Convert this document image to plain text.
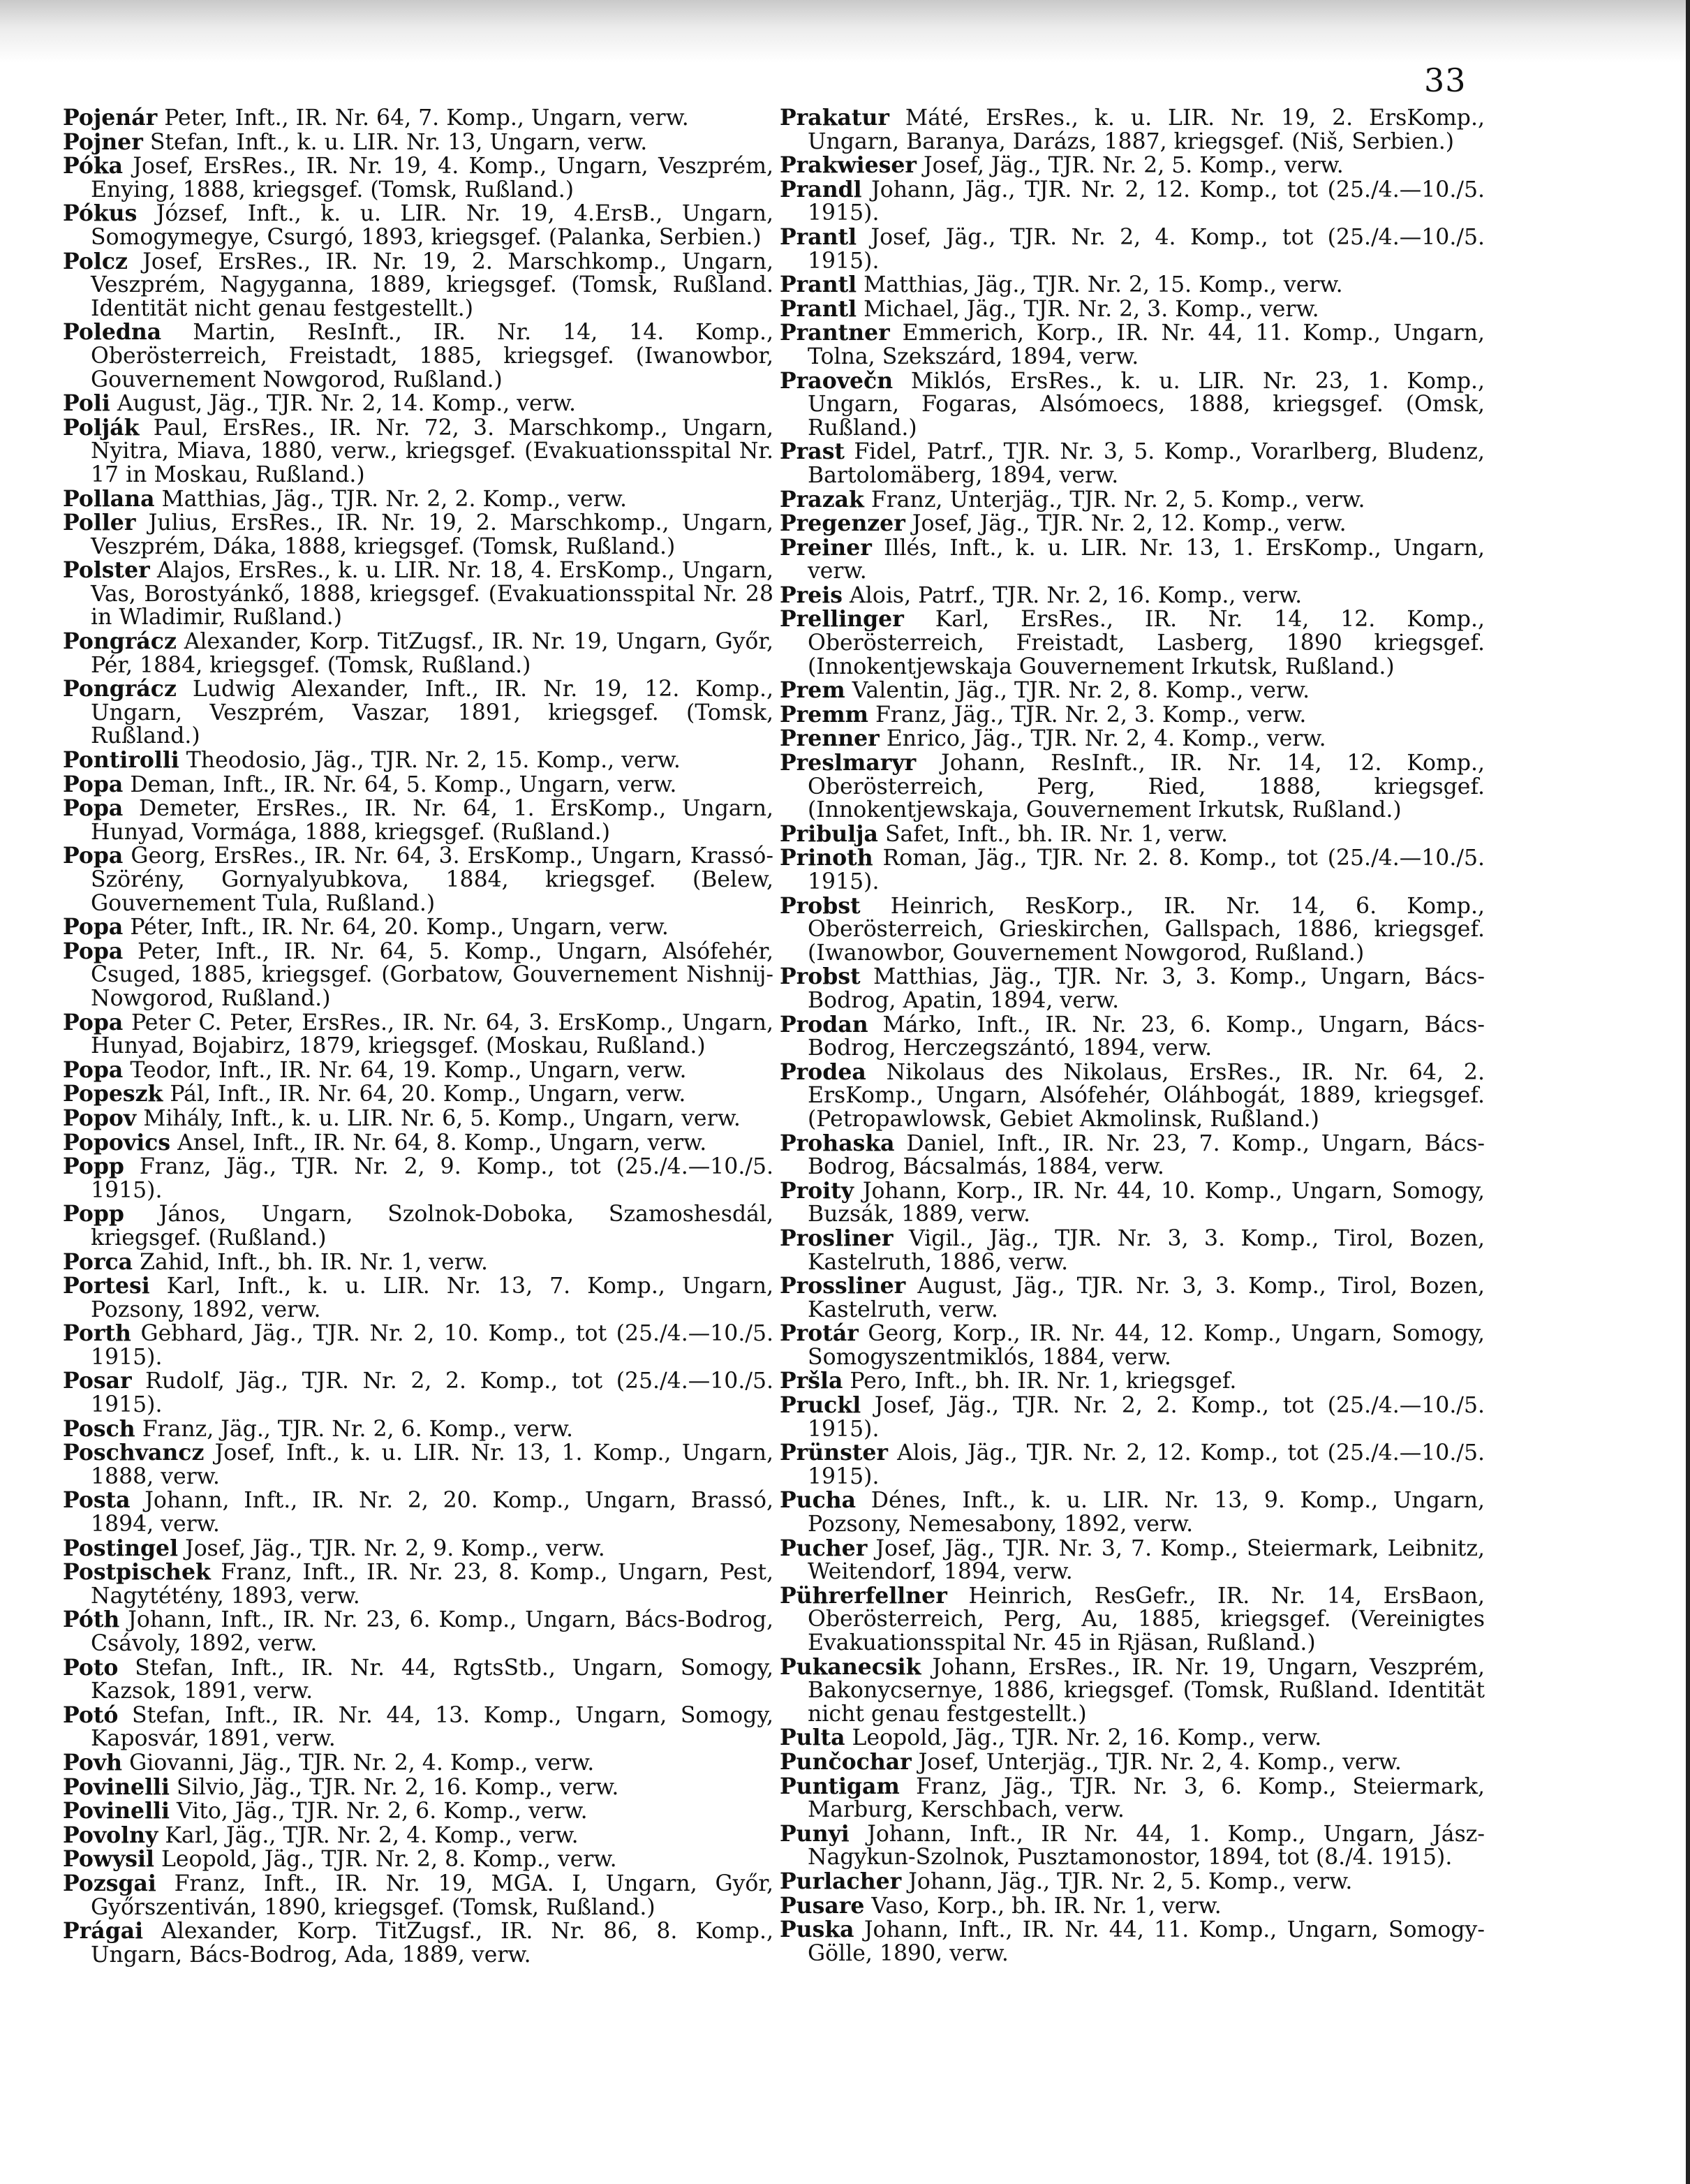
33
Pojenár Peter, Inft., IR. Nr. 64, 7. Komp., Ungarn, verw.
Pojner Stefan, Inft., k. u. LIR. Nr. 13, Ungarn, verw.
Póka Josef, ErsRes., IR. Nr. 19, 4. Komp., Ungarn, Veszprém, Enying, 1888, kriegsgef. (Tomsk, Rußland.)
Pókus József, Inft., k. u. LIR. Nr. 19, 4.ErsB., Ungarn, Somogymegye, Csurgó, 1893, kriegsgef. (Palanka, Serbien.)
Polcz Josef, ErsRes., IR. Nr. 19, 2. Marschkomp., Ungarn, Veszprém, Nagyganna, 1889, kriegsgef. (Tomsk, Rußland. Identität nicht genau festgestellt.)
Poledna Martin, ResInft., IR. Nr. 14, 14. Komp., Oberösterreich, Freistadt, 1885, kriegsgef. (Iwanowbor, Gouvernement Nowgorod, Rußland.)
Poli August, Jäg., TJR. Nr. 2, 14. Komp., verw.
Polják Paul, ErsRes., IR. Nr. 72, 3. Marschkomp., Ungarn, Nyitra, Miava, 1880, verw., kriegsgef. (Evakuationsspital Nr. 17 in Moskau, Rußland.)
Pollana Matthias, Jäg., TJR. Nr. 2, 2. Komp., verw.
Poller Julius, ErsRes., IR. Nr. 19, 2. Marschkomp., Ungarn, Veszprém, Dáka, 1888, kriegsgef. (Tomsk, Rußland.)
Polster Alajos, ErsRes., k. u. LIR. Nr. 18, 4. ErsKomp., Ungarn, Vas, Borostyánkő, 1888, kriegsgef. (Evakuationsspital Nr. 28 in Wladimir, Rußland.)
Pongrácz Alexander, Korp. TitZugsf., IR. Nr. 19, Ungarn, Győr, Pér, 1884, kriegsgef. (Tomsk, Rußland.)
Pongrácz Ludwig Alexander, Inft., IR. Nr. 19, 12. Komp., Ungarn, Veszprém, Vaszar, 1891, kriegsgef. (Tomsk, Rußland.)
Pontirolli Theodosio, Jäg., TJR. Nr. 2, 15. Komp., verw.
Popa Deman, Inft., IR. Nr. 64, 5. Komp., Ungarn, verw.
Popa Demeter, ErsRes., IR. Nr. 64, 1. ErsKomp., Ungarn, Hunyad, Vormága, 1888, kriegsgef. (Rußland.)
Popa Georg, ErsRes., IR. Nr. 64, 3. ErsKomp., Ungarn, Krassó-Szörény, Gornyalyubkova, 1884, kriegsgef. (Belew, Gouvernement Tula, Rußland.)
Popa Péter, Inft., IR. Nr. 64, 20. Komp., Ungarn, verw.
Popa Peter, Inft., IR. Nr. 64, 5. Komp., Ungarn, Alsófehér, Csuged, 1885, kriegsgef. (Gorbatow, Gouvernement Nishnij-Nowgorod, Rußland.)
Popa Peter C. Peter, ErsRes., IR. Nr. 64, 3. ErsKomp., Ungarn, Hunyad, Bojabirz, 1879, kriegsgef. (Moskau, Rußland.)
Popa Teodor, Inft., IR. Nr. 64, 19. Komp., Ungarn, verw.
Popeszk Pál, Inft., IR. Nr. 64, 20. Komp., Ungarn, verw.
Popov Mihály, Inft., k. u. LIR. Nr. 6, 5. Komp., Ungarn, verw.
Popovics Ansel, Inft., IR. Nr. 64, 8. Komp., Ungarn, verw.
Popp Franz, Jäg., TJR. Nr. 2, 9. Komp., tot (25./4.—10./5. 1915).
Popp János, Ungarn, Szolnok-Doboka, Szamoshesdál, kriegsgef. (Rußland.)
Porca Zahid, Inft., bh. IR. Nr. 1, verw.
Portesi Karl, Inft., k. u. LIR. Nr. 13, 7. Komp., Ungarn, Pozsony, 1892, verw.
Porth Gebhard, Jäg., TJR. Nr. 2, 10. Komp., tot (25./4.—10./5. 1915).
Posar Rudolf, Jäg., TJR. Nr. 2, 2. Komp., tot (25./4.—10./5. 1915).
Posch Franz, Jäg., TJR. Nr. 2, 6. Komp., verw.
Poschvancz Josef, Inft., k. u. LIR. Nr. 13, 1. Komp., Ungarn, 1888, verw.
Posta Johann, Inft., IR. Nr. 2, 20. Komp., Ungarn, Brassó, 1894, verw.
Postingel Josef, Jäg., TJR. Nr. 2, 9. Komp., verw.
Postpischek Franz, Inft., IR. Nr. 23, 8. Komp., Ungarn, Pest, Nagytétény, 1893, verw.
Póth Johann, Inft., IR. Nr. 23, 6. Komp., Ungarn, Bács-Bodrog, Csávoly, 1892, verw.
Poto Stefan, Inft., IR. Nr. 44, RgtsStb., Ungarn, Somogy, Kazsok, 1891, verw.
Potó Stefan, Inft., IR. Nr. 44, 13. Komp., Ungarn, Somogy, Kaposvár, 1891, verw.
Povh Giovanni, Jäg., TJR. Nr. 2, 4. Komp., verw.
Povinelli Silvio, Jäg., TJR. Nr. 2, 16. Komp., verw.
Povinelli Vito, Jäg., TJR. Nr. 2, 6. Komp., verw.
Povolny Karl, Jäg., TJR. Nr. 2, 4. Komp., verw.
Powysil Leopold, Jäg., TJR. Nr. 2, 8. Komp., verw.
Pozsgai Franz, Inft., IR. Nr. 19, MGA. I, Ungarn, Győr, Győrszentiván, 1890, kriegsgef. (Tomsk, Rußland.)
Prágai Alexander, Korp. TitZugsf., IR. Nr. 86, 8. Komp., Ungarn, Bács-Bodrog, Ada, 1889, verw.
Prakatur Máté, ErsRes., k. u. LIR. Nr. 19, 2. ErsKomp., Ungarn, Baranya, Darázs, 1887, kriegsgef. (Niš, Serbien.)
Prakwieser Josef, Jäg., TJR. Nr. 2, 5. Komp., verw.
Prandl Johann, Jäg., TJR. Nr. 2, 12. Komp., tot (25./4.—10./5. 1915).
Prantl Josef, Jäg., TJR. Nr. 2, 4. Komp., tot (25./4.—10./5. 1915).
Prantl Matthias, Jäg., TJR. Nr. 2, 15. Komp., verw.
Prantl Michael, Jäg., TJR. Nr. 2, 3. Komp., verw.
Prantner Emmerich, Korp., IR. Nr. 44, 11. Komp., Ungarn, Tolna, Szekszárd, 1894, verw.
Praovečn Miklós, ErsRes., k. u. LIR. Nr. 23, 1. Komp., Ungarn, Fogaras, Alsómoecs, 1888, kriegsgef. (Omsk, Rußland.)
Prast Fidel, Patrf., TJR. Nr. 3, 5. Komp., Vorarlberg, Bludenz, Bartolomäberg, 1894, verw.
Prazak Franz, Unterjäg., TJR. Nr. 2, 5. Komp., verw.
Pregenzer Josef, Jäg., TJR. Nr. 2, 12. Komp., verw.
Preiner Illés, Inft., k. u. LIR. Nr. 13, 1. ErsKomp., Ungarn, verw.
Preis Alois, Patrf., TJR. Nr. 2, 16. Komp., verw.
Prellinger Karl, ErsRes., IR. Nr. 14, 12. Komp., Oberösterreich, Freistadt, Lasberg, 1890 kriegsgef. (Innokentjewskaja Gouvernement Irkutsk, Rußland.)
Prem Valentin, Jäg., TJR. Nr. 2, 8. Komp., verw.
Premm Franz, Jäg., TJR. Nr. 2, 3. Komp., verw.
Prenner Enrico, Jäg., TJR. Nr. 2, 4. Komp., verw.
Preslmaryr Johann, ResInft., IR. Nr. 14, 12. Komp., Oberösterreich, Perg, Ried, 1888, kriegsgef. (Innokentjewskaja, Gouvernement Irkutsk, Rußland.)
Pribulja Safet, Inft., bh. IR. Nr. 1, verw.
Prinoth Roman, Jäg., TJR. Nr. 2. 8. Komp., tot (25./4.—10./5. 1915).
Probst Heinrich, ResKorp., IR. Nr. 14, 6. Komp., Oberösterreich, Grieskirchen, Gallspach, 1886, kriegsgef. (Iwanowbor, Gouvernement Nowgorod, Rußland.)
Probst Matthias, Jäg., TJR. Nr. 3, 3. Komp., Ungarn, Bács-Bodrog, Apatin, 1894, verw.
Prodan Márko, Inft., IR. Nr. 23, 6. Komp., Ungarn, Bács-Bodrog, Herczegszántó, 1894, verw.
Prodea Nikolaus des Nikolaus, ErsRes., IR. Nr. 64, 2. ErsKomp., Ungarn, Alsófehér, Oláhbogát, 1889, kriegsgef. (Petropawlowsk, Gebiet Akmolinsk, Rußland.)
Prohaska Daniel, Inft., IR. Nr. 23, 7. Komp., Ungarn, Bács-Bodrog, Bácsalmás, 1884, verw.
Proity Johann, Korp., IR. Nr. 44, 10. Komp., Ungarn, Somogy, Buzsák, 1889, verw.
Prosliner Vigil., Jäg., TJR. Nr. 3, 3. Komp., Tirol, Bozen, Kastelruth, 1886, verw.
Prossliner August, Jäg., TJR. Nr. 3, 3. Komp., Tirol, Bozen, Kastelruth, verw.
Protár Georg, Korp., IR. Nr. 44, 12. Komp., Ungarn, Somogy, Somogyszentmiklós, 1884, verw.
Pršla Pero, Inft., bh. IR. Nr. 1, kriegsgef.
Pruckl Josef, Jäg., TJR. Nr. 2, 2. Komp., tot (25./4.—10./5. 1915).
Prünster Alois, Jäg., TJR. Nr. 2, 12. Komp., tot (25./4.—10./5. 1915).
Pucha Dénes, Inft., k. u. LIR. Nr. 13, 9. Komp., Ungarn, Pozsony, Nemesabony, 1892, verw.
Pucher Josef, Jäg., TJR. Nr. 3, 7. Komp., Steiermark, Leibnitz, Weitendorf, 1894, verw.
Pührerfellner Heinrich, ResGefr., IR. Nr. 14, ErsBaon, Oberösterreich, Perg, Au, 1885, kriegsgef. (Vereinigtes Evakuationsspital Nr. 45 in Rjäsan, Rußland.)
Pukanecsik Johann, ErsRes., IR. Nr. 19, Ungarn, Veszprém, Bakonycsernye, 1886, kriegsgef. (Tomsk, Rußland. Identität nicht genau festgestellt.)
Pulta Leopold, Jäg., TJR. Nr. 2, 16. Komp., verw.
Punčochar Josef, Unterjäg., TJR. Nr. 2, 4. Komp., verw.
Puntigam Franz, Jäg., TJR. Nr. 3, 6. Komp., Steiermark, Marburg, Kerschbach, verw.
Punyi Johann, Inft., IR Nr. 44, 1. Komp., Ungarn, Jász-Nagykun-Szolnok, Pusztamonostor, 1894, tot (8./4. 1915).
Purlacher Johann, Jäg., TJR. Nr. 2, 5. Komp., verw.
Pusare Vaso, Korp., bh. IR. Nr. 1, verw.
Puska Johann, Inft., IR. Nr. 44, 11. Komp., Ungarn, Somogy-Gölle, 1890, verw.
